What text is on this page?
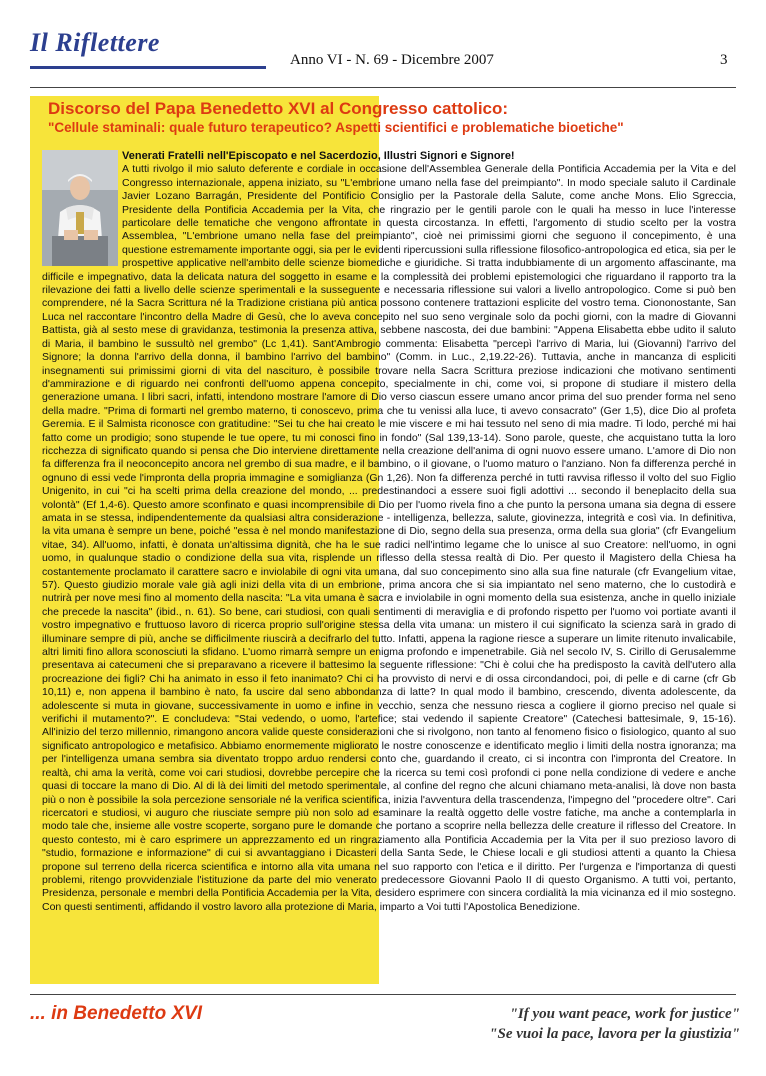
Il Riflettere
Anno VI - N. 69 - Dicembre 2007	3
Discorso del Papa Benedetto XVI al Congresso cattolico:
"Cellule staminali: quale futuro terapeutico? Aspetti scientifici e problematiche bioetiche"
Venerati Fratelli nell'Episcopato e nel Sacerdozio, Illustri Signori e Signore!
A tutti rivolgo il mio saluto deferente e cordiale in occasione dell'Assemblea Generale della Pontificia Accademia per la Vita e del Congresso internazionale, appena iniziato, su "L'embrione umano nella fase del preimpianto". In modo speciale saluto il Cardinale Javier Lozano Barragán, Presidente del Pontificio Consiglio per la Pastorale della Salute, come anche Mons. Elio Sgreccia, Presidente della Pontificia Accademia per la Vita, che ringrazio per le gentili parole con le quali ha messo in luce l'interesse particolare delle tematiche che vengono affrontate in questa circostanza. In effetti, l'argomento di studio scelto per la vostra Assemblea, "L'embrione umano nella fase del preimpianto", cioè nei primissimi giorni che seguono il concepimento, è una questione estremamente importante oggi, sia per le evidenti ripercussioni sulla riflessione filosofico-antropologica ed etica, sia per le prospettive applicative nell'ambito delle scienze biomediche e giuridiche. Si tratta indubbiamente di un argomento affascinante, ma difficile e impegnativo, data la delicata natura del soggetto in esame e la complessità dei problemi epistemologici che riguardano il rapporto tra la rilevazione dei fatti a livello delle scienze sperimentali e la susseguente e necessaria riflessione sui valori a livello antropologico. Come si può ben comprendere, né la Sacra Scrittura né la Tradizione cristiana più antica possono contenere trattazioni esplicite del vostro tema. Ciononostante, San Luca nel raccontare l'incontro della Madre di Gesù, che lo aveva concepito nel suo seno verginale solo da pochi giorni, con la madre di Giovanni Battista, già al sesto mese di gravidanza, testimonia la presenza attiva, sebbene nascosta, dei due bambini: "Appena Elisabetta ebbe udito il saluto di Maria, il bambino le sussultò nel grembo" (Lc 1,41). Sant'Ambrogio commenta: Elisabetta "percepì l'arrivo di Maria, lui (Giovanni) l'arrivo del Signore; la donna l'arrivo della donna, il bambino l'arrivo del bambino" (Comm. in Luc., 2,19.22-26). Tuttavia, anche in mancanza di espliciti insegnamenti sui primissimi giorni di vita del nascituro, è possibile trovare nella Sacra Scrittura preziose indicazioni che motivano sentimenti d'ammirazione e di riguardo nei confronti dell'uomo appena concepito, specialmente in chi, come voi, si propone di studiare il mistero della generazione umana. I libri sacri, infatti, intendono mostrare l'amore di Dio verso ciascun essere umano ancor prima del suo prender forma nel seno della madre. "Prima di formarti nel grembo materno, ti conoscevo, prima che tu venissi alla luce, ti avevo consacrato" (Ger 1,5), dice Dio al profeta Geremia. E il Salmista riconosce con gratitudine: "Sei tu che hai creato le mie viscere e mi hai tessuto nel seno di mia madre. Ti lodo, perché mi hai fatto come un prodigio; sono stupende le tue opere, tu mi conosci fino in fondo" (Sal 139,13-14). Sono parole, queste, che acquistano tutta la loro ricchezza di significato quando si pensa che Dio interviene direttamente nella creazione dell'anima di ogni nuovo essere umano. L'amore di Dio non fa differenza fra il neoconcepito ancora nel grembo di sua madre, e il bambino, o il giovane, o l'uomo maturo o l'anziano. Non fa differenza perché in ognuno di essi vede l'impronta della propria immagine e somiglianza (Gn 1,26). Non fa differenza perché in tutti ravvisa riflesso il volto del suo Figlio Unigenito, in cui "ci ha scelti prima della creazione del mondo, ... predestinandoci a essere suoi figli adottivi ... secondo il beneplacito della sua volontà" (Ef 1,4-6). Questo amore sconfinato e quasi incomprensibile di Dio per l'uomo rivela fino a che punto la persona umana sia degna di essere amata in se stessa, indipendentemente da qualsiasi altra considerazione - intelligenza, bellezza, salute, giovinezza, integrità e così via. In definitiva, la vita umana è sempre un bene, poiché "essa è nel mondo manifestazione di Dio, segno della sua presenza, orma della sua gloria" (cfr Evangelium vitae, 34). All'uomo, infatti, è donata un'altissima dignità, che ha le sue radici nell'intimo legame che lo unisce al suo Creatore: nell'uomo, in ogni uomo, in qualunque stadio o condizione della sua vita, risplende un riflesso della stessa realtà di Dio. Per questo il Magistero della Chiesa ha costantemente proclamato il carattere sacro e inviolabile di ogni vita umana, dal suo concepimento sino alla sua fine naturale (cfr Evangelium vitae, 57). Questo giudizio morale vale già agli inizi della vita di un embrione, prima ancora che si sia impiantato nel seno materno, che lo custodirà e nutrirà per nove mesi fino al momento della nascita: "La vita umana è sacra e inviolabile in ogni momento della sua esistenza, anche in quello iniziale che precede la nascita" (ibid., n. 61). So bene, cari studiosi, con quali sentimenti di meraviglia e di profondo rispetto per l'uomo voi portiate avanti il vostro impegnativo e fruttuoso lavoro di ricerca proprio sull'origine stessa della vita umana: un mistero il cui significato la scienza sarà in grado di illuminare sempre di più, anche se difficilmente riuscirà a decifrarlo del tutto. Infatti, appena la ragione riesce a superare un limite ritenuto invalicabile, altri limiti fino allora sconosciuti la sfidano. L'uomo rimarrà sempre un enigma profondo e impenetrabile. Già nel secolo IV, S. Cirillo di Gerusalemme presentava ai catecumeni che si preparavano a ricevere il battesimo la seguente riflessione: "Chi è colui che ha predisposto la cavità dell'utero alla procreazione dei figli? Chi ha animato in esso il feto inanimato? Chi ci ha provvisto di nervi e di ossa circondandoci, poi, di pelle e di carne (cfr Gb 10,11) e, non appena il bambino è nato, fa uscire dal seno abbondanza di latte? In qual modo il bambino, crescendo, diventa adolescente, da adolescente si muta in giovane, successivamente in uomo e infine in vecchio, senza che nessuno riesca a cogliere il giorno preciso nel quale si verifichi il mutamento?". E concludeva: "Stai vedendo, o uomo, l'artefice; stai vedendo il sapiente Creatore" (Catechesi battesimale, 9, 15-16). All'inizio del terzo millennio, rimangono ancora valide queste considerazioni che si rivolgono, non tanto al fenomeno fisico o fisiologico, quanto al suo significato antropologico e metafisico. Abbiamo enormemente migliorato le nostre conoscenze e identificato meglio i limiti della nostra ignoranza; ma per l'intelligenza umana sembra sia diventato troppo arduo rendersi conto che, guardando il creato, ci si incontra con l'impronta del Creatore. In realtà, chi ama la verità, come voi cari studiosi, dovrebbe percepire che la ricerca su temi così profondi ci pone nella condizione di vedere e anche quasi di toccare la mano di Dio. Al di là dei limiti del metodo sperimentale, al confine del regno che alcuni chiamano meta-analisi, là dove non basta più o non è possibile la sola percezione sensoriale né la verifica scientifica, inizia l'avventura della trascendenza, l'impegno del "procedere oltre". Cari ricercatori e studiosi, vi auguro che riusciate sempre più non solo ad esaminare la realtà oggetto delle vostre fatiche, ma anche a contemplarla in modo tale che, insieme alle vostre scoperte, sorgano pure le domande che portano a scoprire nella bellezza delle creature il riflesso del Creatore. In questo contesto, mi è caro esprimere un apprezzamento ed un ringraziamento alla Pontificia Accademia per la Vita per il suo prezioso lavoro di "studio, formazione e informazione" di cui si avvantaggiano i Dicasteri della Santa Sede, le Chiese locali e gli studiosi attenti a quanto la Chiesa propone sul terreno della ricerca scientifica e intorno alla vita umana nel suo rapporto con l'etica e il diritto. Per l'urgenza e l'importanza di questi problemi, ritengo provvidenziale l'istituzione da parte del mio venerato predecessore Giovanni Paolo II di questo Organismo. A tutti voi, pertanto, Presidenza, personale e membri della Pontificia Accademia per la Vita, desidero esprimere con sincera cordialità la mia vicinanza ed il mio sostegno. Con questi sentimenti, affidando il vostro lavoro alla protezione di Maria, imparto a Voi tutti l'Apostolica Benedizione.
... in Benedetto XVI	"If you want peace, work for justice"
"Se vuoi la pace, lavora per la giustizia"
